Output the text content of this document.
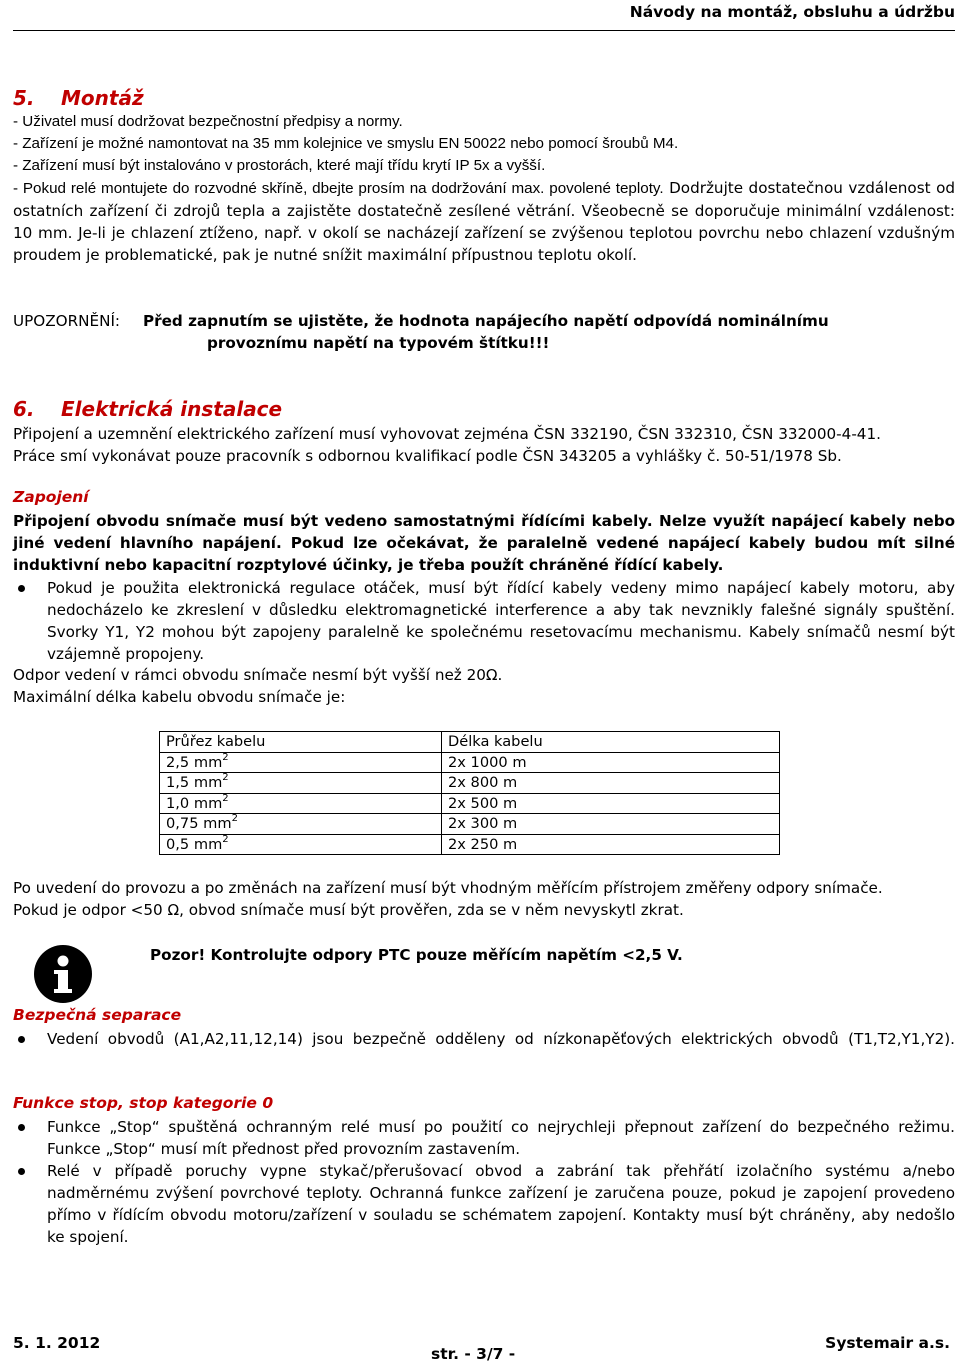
Návody na montáž, obsluhu a údržbu
5. Montáž
- Uživatel musí dodržovat bezpečnostní předpisy a normy.
- Zařízení je možné namontovat na 35 mm kolejnice ve smyslu EN 50022 nebo pomocí šroubů M4.
- Zařízení musí být instalováno v prostorách, které mají třídu krytí IP 5x a vyšší.
- Pokud relé montujete do rozvodné skříně, dbejte prosím na dodržování max. povolené teploty. Dodržujte dostatečnou vzdálenost od ostatních zařízení či zdrojů tepla a zajistěte dostatečně zesílené větrání. Všeobecně se doporučuje minimální vzdálenost: 10 mm. Je-li je chlazení ztíženo, např. v okolí se nacházejí zařízení se zvýšenou teplotou povrchu nebo chlazení vzdušným proudem je problematické, pak je nutné snížit maximální přípustnou teplotu okolí.
UPOZORNĚNÍ: Před zapnutím se ujistěte, že hodnota napájecího napětí odpovídá nominálnímu
provoznímu napětí na typovém štítku!!!
6. Elektrická instalace
Připojení a uzemnění elektrického zařízení musí vyhovovat zejména ČSN 332190, ČSN 332310, ČSN 332000-4-41.
Práce smí vykonávat pouze pracovník s odbornou kvalifikací podle ČSN 343205 a vyhlášky č. 50-51/1978 Sb.
Zapojení
Připojení obvodu snímače musí být vedeno samostatnými řídícími kabely. Nelze využít napájecí kabely nebo jiné vedení hlavního napájení. Pokud lze očekávat, že paralelně vedené napájecí kabely budou mít silné induktivní nebo kapacitní rozptylové účinky, je třeba použít chráněné řídící kabely.
Pokud je použita elektronická regulace otáček, musí být řídící kabely vedeny mimo napájecí kabely motoru, aby nedocházelo ke zkreslení v důsledku elektromagnetické interference a aby tak nevznikly falešné signály spuštění. Svorky Y1, Y2 mohou být zapojeny paralelně ke společnému resetovacímu mechanismu. Kabely snímačů nesmí být vzájemně propojeny.
Odpor vedení v rámci obvodu snímače nesmí být vyšší než 20Ω.
Maximální délka kabelu obvodu snímače je:
Průřez kabelu	Délka kabelu
2,5 $mm^2$	2x 1000 m
1,5 $mm^2$	2x 800 m
1,0 $mm^2$	2x 500 m
0,75 $mm^2$	2x 300 m
0,5 $mm^2$	2x 250 m
Po uvedení do provozu a po změnách na zařízení musí být vhodným měřícím přístrojem změřeny odpory snímače.
Pokud je odpor <50 Ω, obvod snímače musí být prověřen, zda se v něm nevyskytl zkrat.
Pozor! Kontrolujte odpory PTC pouze měřícím napětím <2,5 V.
Bezpečná separace
Vedení obvodů (A1,A2,11,12,14) jsou bezpečně odděleny od nízkonapěťových elektrických obvodů (T1,T2,Y1,Y2).
Funkce stop, stop kategorie 0
Funkce „Stop“ spuštěná ochranným relé musí po použití co nejrychleji přepnout zařízení do bezpečného režimu. Funkce „Stop“ musí mít přednost před provozním zastavením.
Relé v případě poruchy vypne stykač/přerušovací obvod a zabrání tak přehřátí izolačního systému a/nebo nadměrnému zvýšení povrchové teploty. Ochranná funkce zařízení je zaručena pouze, pokud je zapojení provedeno přímo v řídícím obvodu motoru/zařízení v souladu se schématem zapojení. Kontakty musí být chráněny, aby nedošlo ke spojení.
5. 1. 2012
str. - 3/7 -
Systemair a.s.
